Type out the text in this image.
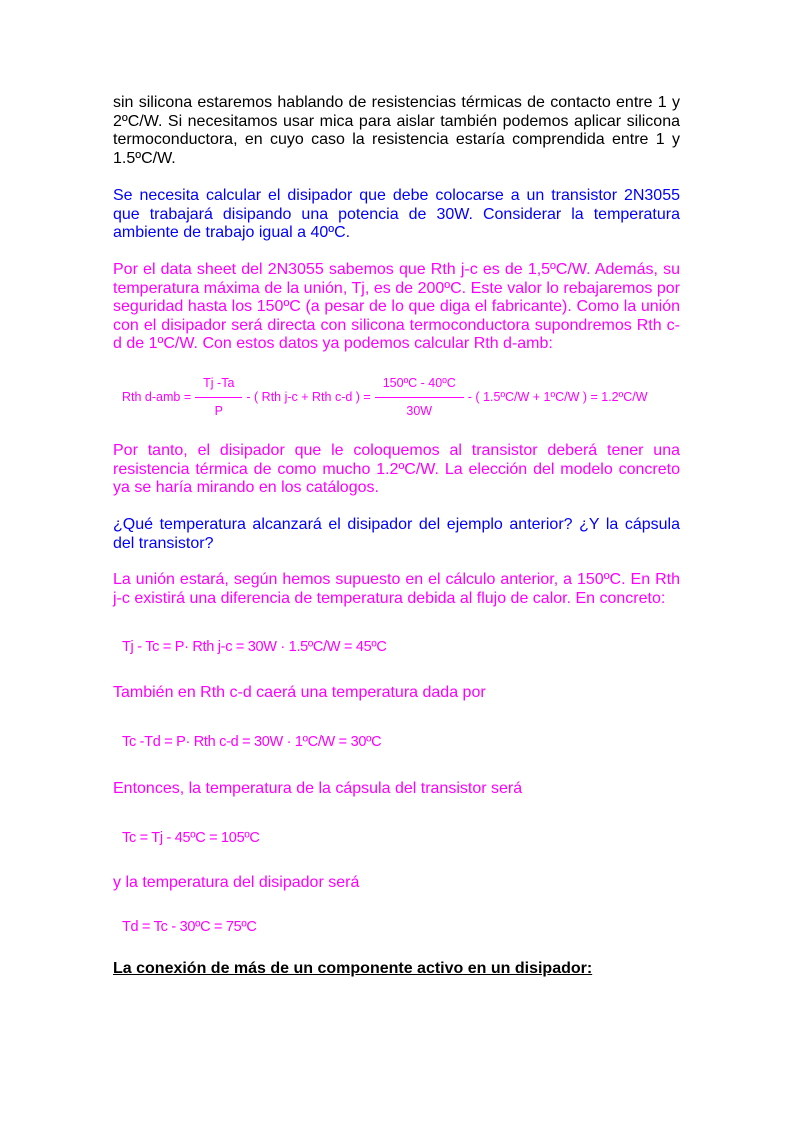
sin silicona estaremos hablando de resistencias térmicas de contacto entre 1 y 2ºC/W. Si necesitamos usar mica para aislar también podemos aplicar silicona termoconductora, en cuyo caso la resistencia estaría comprendida entre 1 y 1.5ºC/W.
Se necesita calcular el disipador que debe colocarse a un transistor 2N3055 que trabajará disipando una potencia de 30W. Considerar la temperatura ambiente de trabajo igual a 40ºC.
Por el data sheet del 2N3055 sabemos que Rth j-c es de 1,5ºC/W. Además, su temperatura máxima de la unión, Tj, es de 200ºC. Este valor lo rebajaremos por seguridad hasta los 150ºC (a pesar de lo que diga el fabricante). Como la unión con el disipador será directa con silicona termoconductora supondremos Rth c-d de 1ºC/W. Con estos datos ya podemos calcular Rth d-amb:
Rth $d-amb = \frac{Tj -Ta}{P}$ - ( Rth j-c + Rth c-d ) = $\frac{\text{150ºC - 40ºC}}{30W}$ - ( 1.5ºC/W + 1ºC/W ) = 1.2ºC/W
Por tanto, el disipador que le coloquemos al transistor deberá tener una resistencia térmica de como mucho 1.2ºC/W. La elección del modelo concreto ya se haría mirando en los catálogos.
¿Qué temperatura alcanzará el disipador del ejemplo anterior? ¿Y la cápsula del transistor?
La unión estará, según hemos supuesto en el cálculo anterior, a 150ºC. En Rth j-c existirá una diferencia de temperatura debida al flujo de calor. En concreto:
Tj - Tc = P· Rth j-c = 30W · 1.5ºC/W = 45ºC
También en Rth c-d caerá una temperatura dada por
Tc -Td = P· Rth c-d = 30W · 1ºC/W = 30ºC
Entonces, la temperatura de la cápsula del transistor será
Tc = Tj - 45ºC = 105ºC
y la temperatura del disipador será
Td = Tc - 30ºC = 75ºC
La conexión de más de un componente activo en un disipador:
